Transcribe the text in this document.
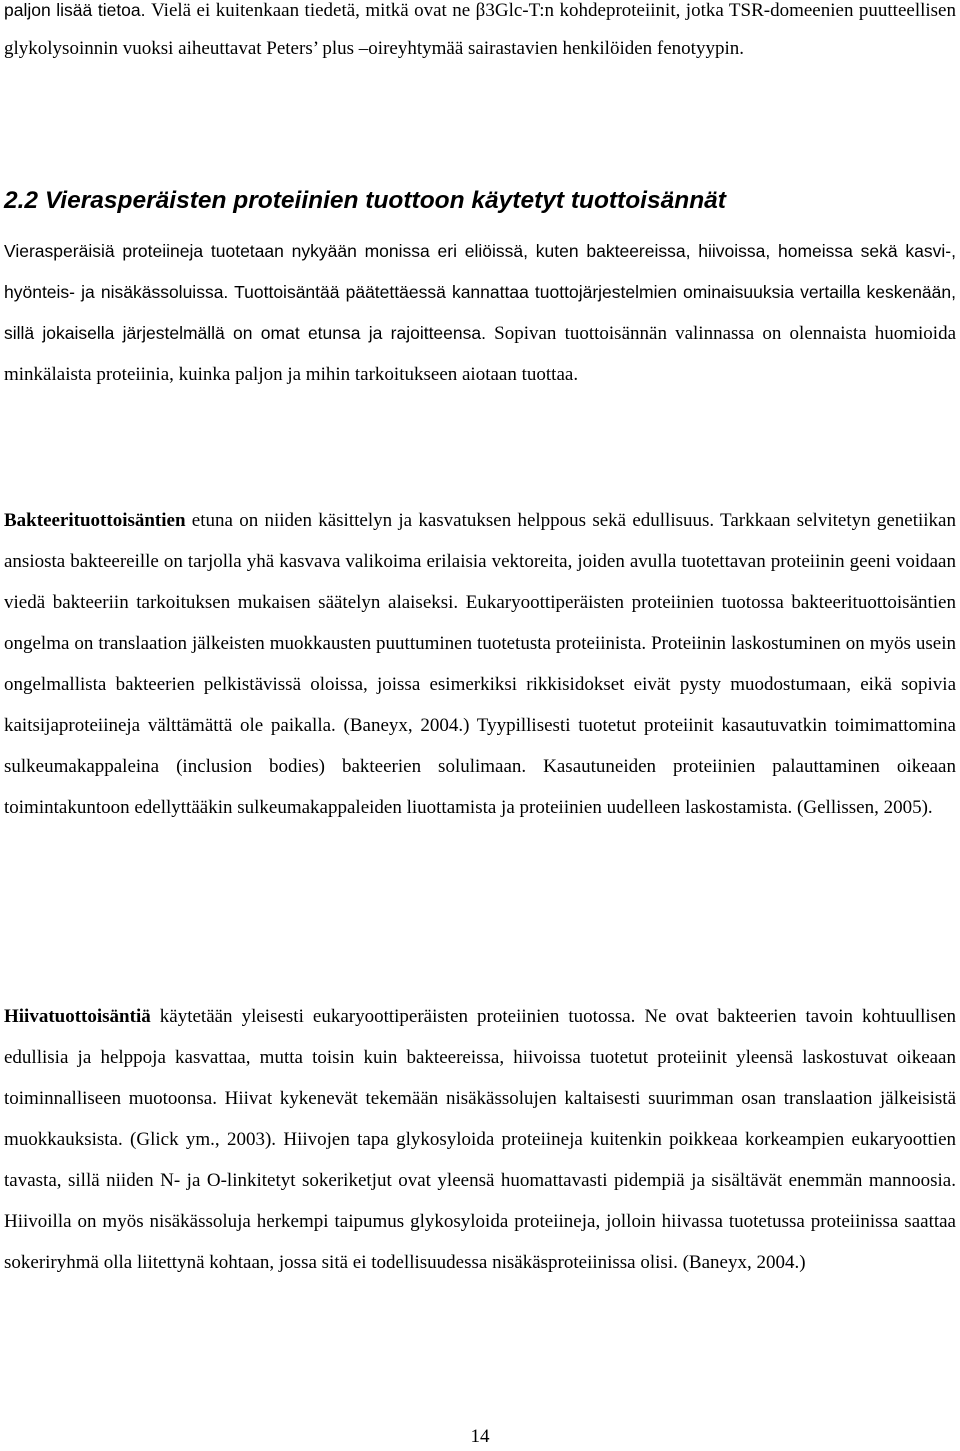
paljon lisää tietoa. Vielä ei kuitenkaan tiedetä, mitkä ovat ne β3Glc-T:n kohdeproteiinit, jotka TSR-domeenien puutteellisen glykolysoinnin vuoksi aiheuttavat Peters’ plus –oireyhtymää sairastavien henkilöiden fenotyypin.

2.2 Vierasperäisten proteiinien tuottoon käytetyt tuottoisännät

Vierasperäisiä proteiineja tuotetaan nykyään monissa eri eliöissä, kuten bakteereissa, hiivoissa, homeissa sekä kasvi-, hyönteis- ja nisäkässoluissa. Tuottoisäntää päätettäessä kannattaa tuottojärjestelmien ominaisuuksia vertailla keskenään, sillä jokaisella järjestelmällä on omat etunsa ja rajoitteensa. Sopivan tuottoisännän valinnassa on olennaista huomioida minkälaista proteiinia, kuinka paljon ja mihin tarkoitukseen aiotaan tuottaa.

Bakteerituottoisäntien etuna on niiden käsittelyn ja kasvatuksen helppous sekä edullisuus. Tarkkaan selvitetyn genetiikan ansiosta bakteereille on tarjolla yhä kasvava valikoima erilaisia vektoreita, joiden avulla tuotettavan proteiinin geeni voidaan viedä bakteeriin tarkoituksen mukaisen säätelyn alaiseksi. Eukaryoottiperäisten proteiinien tuotossa bakteerituottoisäntien ongelma on translaation jälkeisten muokkausten puuttuminen tuotetusta proteiinista. Proteiinin laskostuminen on myös usein ongelmallista bakteerien pelkistävissä oloissa, joissa esimerkiksi rikkisidokset eivät pysty muodostumaan, eikä sopivia kaitsijaproteiineja välttämättä ole paikalla. (Baneyx, 2004.) Tyypillisesti tuotetut proteiinit kasautuvatkin toimimattomina sulkeumakappaleina (inclusion bodies) bakteerien solulimaan. Kasautuneiden proteiinien palauttaminen oikeaan toimintakuntoon edellyttääkin sulkeumakappaleiden liuottamista ja proteiinien uudelleen laskostamista. (Gellissen, 2005).

Hiivatuottoisäntiä käytetään yleisesti eukaryoottiperäisten proteiinien tuotossa. Ne ovat bakteerien tavoin kohtuullisen edullisia ja helppoja kasvattaa, mutta toisin kuin bakteereissa, hiivoissa tuotetut proteiinit yleensä laskostuvat oikeaan toiminnalliseen muotoonsa. Hiivat kykenevät tekemään nisäkässolujen kaltaisesti suurimman osan translaation jälkeisistä muokkauksista. (Glick ym., 2003). Hiivojen tapa glykosyloida proteiineja kuitenkin poikkeaa korkeampien eukaryoottien tavasta, sillä niiden N- ja O-linkitetyt sokeriketjut ovat yleensä huomattavasti pidempiä ja sisältävät enemmän mannoosia. Hiivoilla on myös nisäkässoluja herkempi taipumus glykosyloida proteiineja, jolloin hiivassa tuotetussa proteiinissa saattaa sokeriryhmä olla liitettynä kohtaan, jossa sitä ei todellisuudessa nisäkäsproteiinissa olisi. (Baneyx, 2004.)

14
